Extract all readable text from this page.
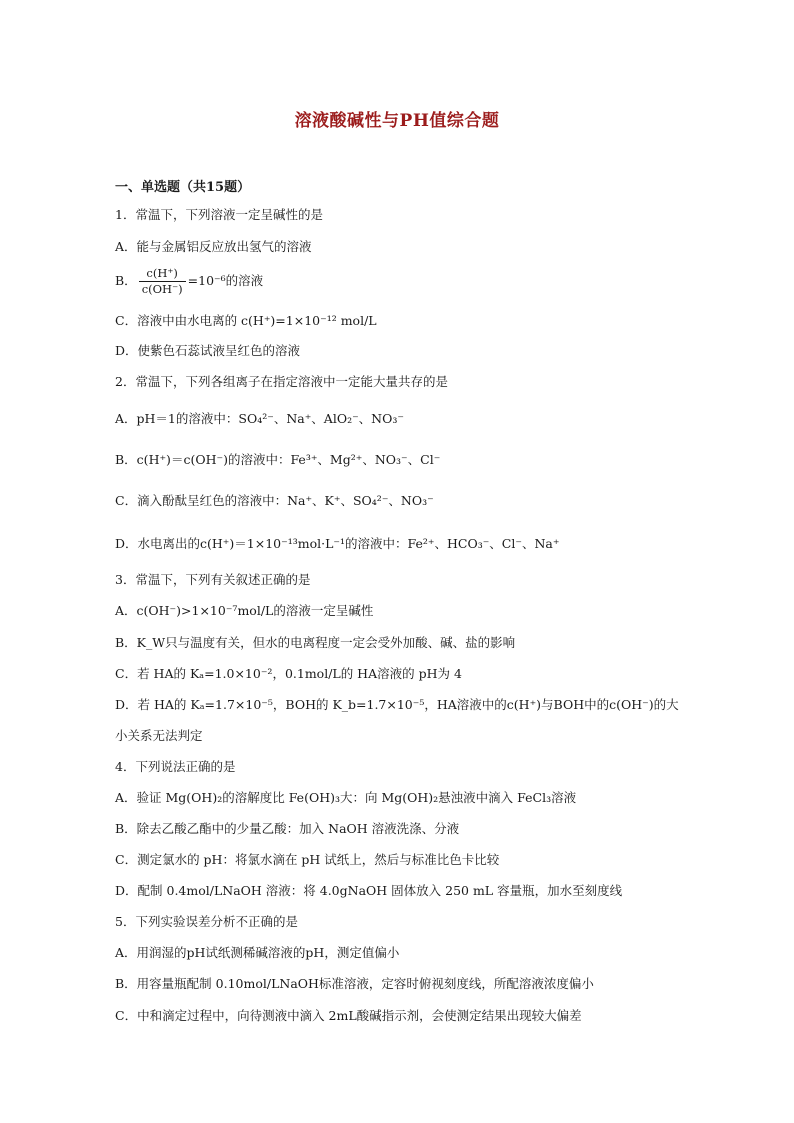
溶液酸碱性与PH值综合题
一、单选题（共15题）
1．常温下，下列溶液一定呈碱性的是
A．能与金属铝反应放出氢气的溶液
B． $\frac{c(H^+)}{c(OH^-)} =10^{-6}$的溶液
C．溶液中由水电离的 c(H⁺)=1×10⁻¹² mol/L
D．使紫色石蕊试液呈红色的溶液
2．常温下，下列各组离子在指定溶液中一定能大量共存的是
A．pH＝1的溶液中：SO₄²⁻、Na⁺、AlO₂⁻、NO₃⁻
B．c(H⁺)＝c(OH⁻)的溶液中：Fe³⁺、Mg²⁺、NO₃⁻、Cl⁻
C．滴入酚酞呈红色的溶液中：Na⁺、K⁺、SO₄²⁻、NO₃⁻
D．水电离出的c(H⁺)＝1×10⁻¹³mol·L⁻¹的溶液中：Fe²⁺、HCO₃⁻、Cl⁻、Na⁺
3．常温下，下列有关叙述正确的是
A．c(OH⁻)>1×10⁻⁷mol/L的溶液一定呈碱性
B．K_W只与温度有关，但水的电离程度一定会受外加酸、碱、盐的影响
C．若 HA的 Kₐ=1.0×10⁻²，0.1mol/L的 HA溶液的 pH为 4
D．若 HA的 Kₐ=1.7×10⁻⁵，BOH的 K_b=1.7×10⁻⁵，HA溶液中的c(H⁺)与BOH中的c(OH⁻)的大
小关系无法判定
4．下列说法正确的是
A．验证 Mg(OH)₂的溶解度比 Fe(OH)₃大：向 Mg(OH)₂悬浊液中滴入 FeCl₃溶液
B．除去乙酸乙酯中的少量乙酸：加入 NaOH 溶液洗涤、分液
C．测定氯水的 pH：将氯水滴在 pH 试纸上，然后与标准比色卡比较
D．配制 0.4mol/LNaOH 溶液：将 4.0gNaOH 固体放入 250 mL 容量瓶，加水至刻度线
5．下列实验误差分析不正确的是
A．用润湿的pH试纸测稀碱溶液的pH，测定值偏小
B．用容量瓶配制 0.10mol/LNaOH标准溶液，定容时俯视刻度线，所配溶液浓度偏小
C．中和滴定过程中，向待测液中滴入 2mL酸碱指示剂，会使测定结果出现较大偏差
